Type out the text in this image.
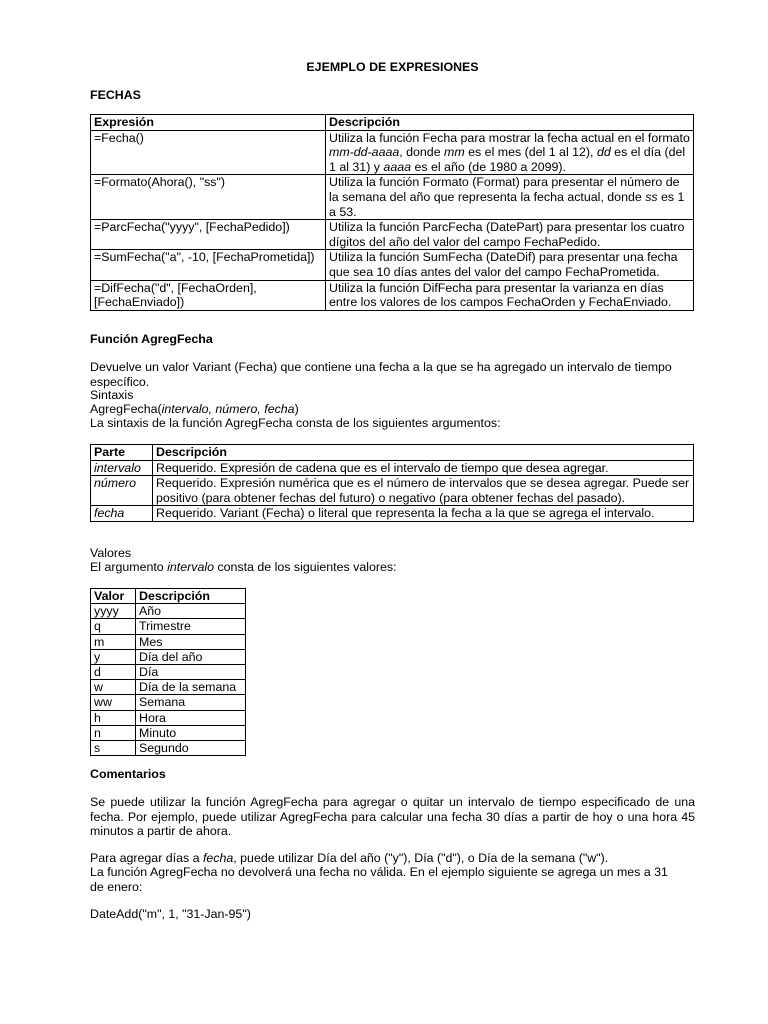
EJEMPLO DE EXPRESIONES
FECHAS
Expresión	Descripción
=Fecha()	Utiliza la función Fecha para mostrar la fecha actual en el formato mm-dd-aaaa, donde mm es el mes (del 1 al 12), dd es el día (del 1 al 31) y aaaa es el año (de 1980 a 2099).
=Formato(Ahora(), "ss")	Utiliza la función Formato (Format) para presentar el número de la semana del año que representa la fecha actual, donde ss es 1 a 53.
=ParcFecha("yyyy", [FechaPedido])	Utiliza la función ParcFecha (DatePart) para presentar los cuatro dígitos del año del valor del campo FechaPedido.
=SumFecha("a", -10, [FechaPrometida])	Utiliza la función SumFecha (DateDif) para presentar una fecha que sea 10 días antes del valor del campo FechaPrometida.
=DifFecha("d", [FechaOrden], [FechaEnviado])	Utiliza la función DifFecha para presentar la varianza en días entre los valores de los campos FechaOrden y FechaEnviado.
Función AgregFecha
Devuelve un valor Variant (Fecha) que contiene una fecha a la que se ha agregado un intervalo de tiempo específico.
Sintaxis
AgregFecha(intervalo, número, fecha)
La sintaxis de la función AgregFecha consta de los siguientes argumentos:
Parte	Descripción
intervalo	Requerido. Expresión de cadena que es el intervalo de tiempo que desea agregar.
número	Requerido. Expresión numérica que es el número de intervalos que se desea agregar. Puede ser positivo (para obtener fechas del futuro) o negativo (para obtener fechas del pasado).
fecha	Requerido. Variant (Fecha) o literal que representa la fecha a la que se agrega el intervalo.
Valores
El argumento intervalo consta de los siguientes valores:
Valor	Descripción
yyyy	Año
q	Trimestre
m	Mes
y	Día del año
d	Día
w	Día de la semana
ww	Semana
h	Hora
n	Minuto
s	Segundo
Comentarios
Se puede utilizar la función AgregFecha para agregar o quitar un intervalo de tiempo especificado de una fecha. Por ejemplo, puede utilizar AgregFecha para calcular una fecha 30 días a partir de hoy o una hora 45 minutos a partir de ahora.
Para agregar días a fecha, puede utilizar Día del año ("y"), Día ("d"), o Día de la semana ("w").
La función AgregFecha no devolverá una fecha no válida. En el ejemplo siguiente se agrega un mes a 31 de enero:
DateAdd("m", 1, "31-Jan-95")
